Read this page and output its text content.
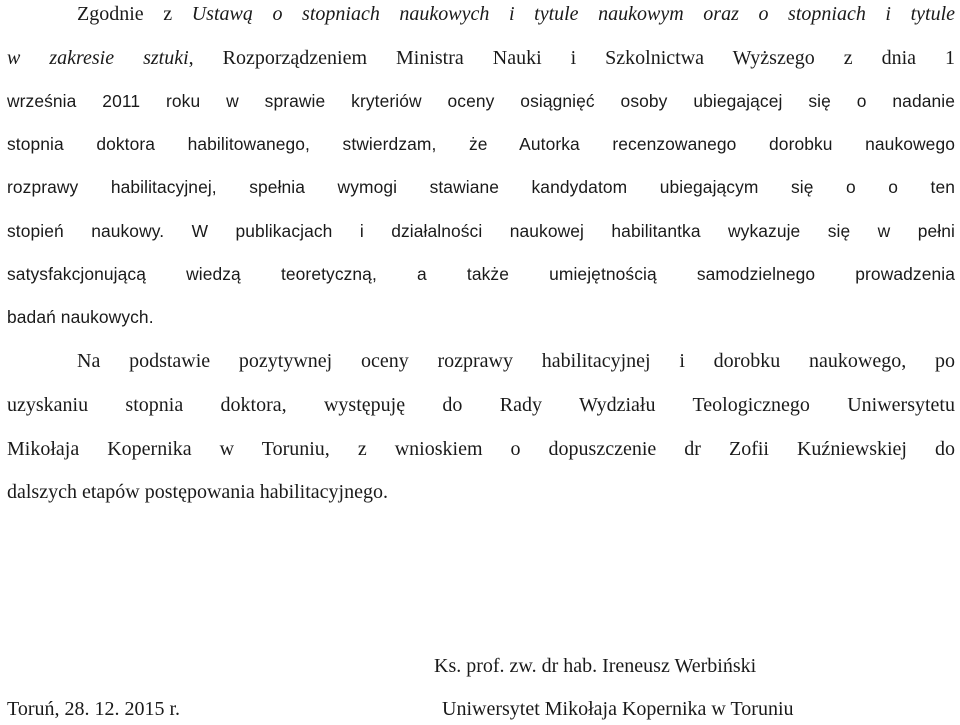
Zgodnie z Ustawą o stopniach naukowych i tytule naukowym oraz o stopniach i tytule
w zakresie sztuki, Rozporządzeniem Ministra Nauki i Szkolnictwa Wyższego z dnia 1
września 2011 roku w sprawie kryteriów oceny osiągnięć osoby ubiegającej się o nadanie
stopnia doktora habilitowanego, stwierdzam, że Autorka recenzowanego dorobku naukowego
rozprawy habilitacyjnej, spełnia wymogi stawiane kandydatom ubiegającym się o o ten
stopień naukowy. W publikacjach i działalności naukowej habilitantka wykazuje się w pełni
satysfakcjonującą wiedzą teoretyczną, a także umiejętnością samodzielnego prowadzenia
badań naukowych.
Na podstawie pozytywnej oceny rozprawy habilitacyjnej i dorobku naukowego, po
uzyskaniu stopnia doktora, występuję do Rady Wydziału Teologicznego Uniwersytetu
Mikołaja Kopernika w Toruniu, z wnioskiem o dopuszczenie dr Zofii Kuźniewskiej do
dalszych etapów postępowania habilitacyjnego.
Ks. prof. zw. dr hab. Ireneusz Werbiński
Toruń, 28. 12. 2015 r.	Uniwersytet Mikołaja Kopernika w Toruniu
